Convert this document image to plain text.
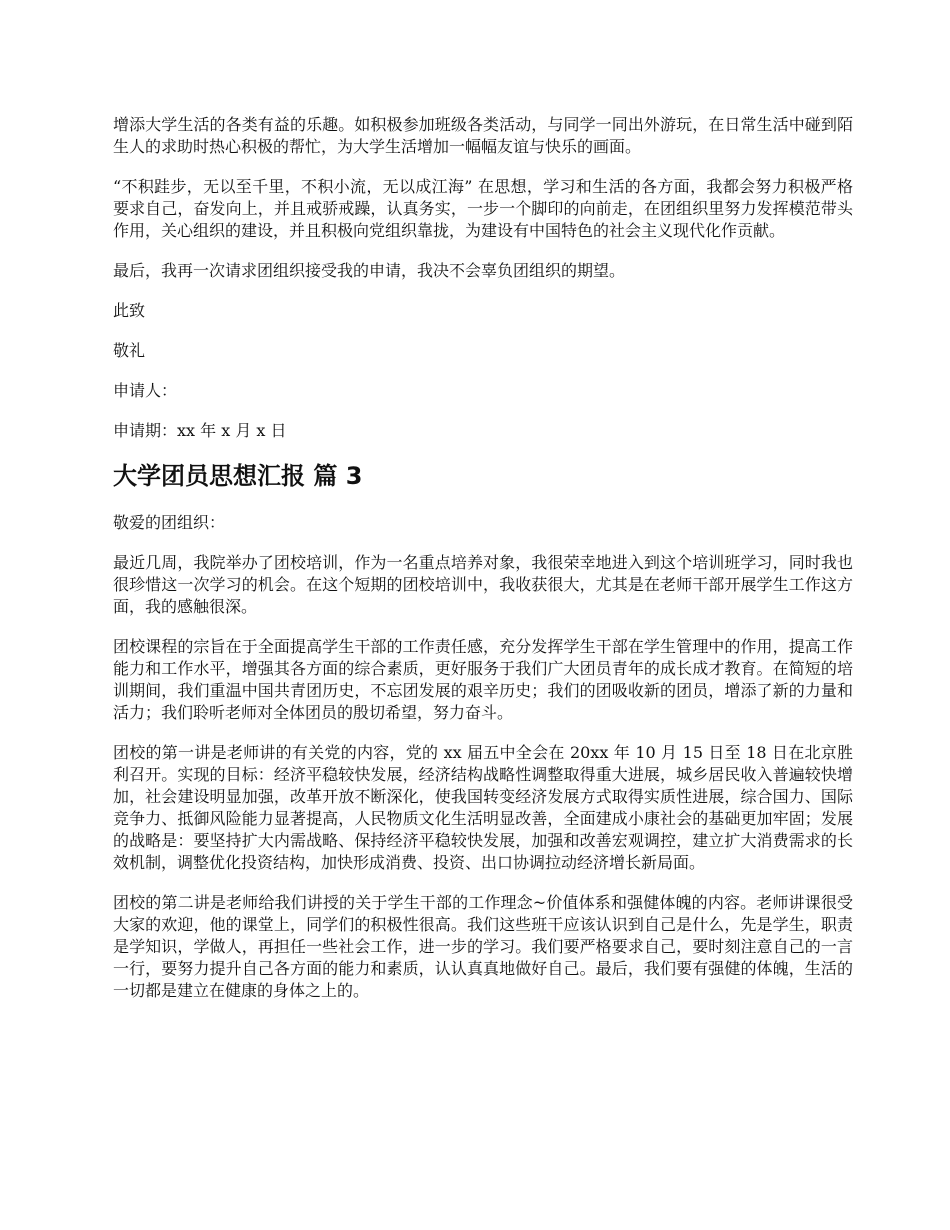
增添大学生活的各类有益的乐趣。如积极参加班级各类活动，与同学一同出外游玩，在日常生活中碰到陌生人的求助时热心积极的帮忙，为大学生活增加一幅幅友谊与快乐的画面。

“不积跬步，无以至千里，不积小流，无以成江海” 在思想，学习和生活的各方面，我都会努力积极严格要求自己，奋发向上，并且戒骄戒躁，认真务实，一步一个脚印的向前走，在团组织里努力发挥模范带头作用，关心组织的建设，并且积极向党组织靠拢，为建设有中国特色的社会主义现代化作贡献。

最后，我再一次请求团组织接受我的申请，我决不会辜负团组织的期望。

此致

敬礼

申请人：

申请期：xx 年 x 月 x 日

大学团员思想汇报 篇 3

敬爱的团组织：

最近几周，我院举办了团校培训，作为一名重点培养对象，我很荣幸地进入到这个培训班学习，同时我也很珍惜这一次学习的机会。在这个短期的团校培训中，我收获很大，尤其是在老师干部开展学生工作这方面，我的感触很深。

团校课程的宗旨在于全面提高学生干部的工作责任感，充分发挥学生干部在学生管理中的作用，提高工作能力和工作水平，增强其各方面的综合素质，更好服务于我们广大团员青年的成长成才教育。在简短的培训期间，我们重温中国共青团历史，不忘团发展的艰辛历史；我们的团吸收新的团员，增添了新的力量和活力；我们聆听老师对全体团员的殷切希望，努力奋斗。

团校的第一讲是老师讲的有关党的内容，党的 xx 届五中全会在 20xx 年 10 月 15 日至 18 日在北京胜利召开。实现的目标：经济平稳较快发展，经济结构战略性调整取得重大进展，城乡居民收入普遍较快增加，社会建设明显加强，改革开放不断深化，使我国转变经济发展方式取得实质性进展，综合国力、国际竞争力、抵御风险能力显著提高，人民物质文化生活明显改善，全面建成小康社会的基础更加牢固；发展的战略是：要坚持扩大内需战略、保持经济平稳较快发展，加强和改善宏观调控，建立扩大消费需求的长效机制，调整优化投资结构，加快形成消费、投资、出口协调拉动经济增长新局面。

团校的第二讲是老师给我们讲授的关于学生干部的工作理念~价值体系和强健体魄的内容。老师讲课很受大家的欢迎，他的课堂上，同学们的积极性很高。我们这些班干应该认识到自己是什么，先是学生，职责是学知识，学做人，再担任一些社会工作，进一步的学习。我们要严格要求自己，要时刻注意自己的一言一行，要努力提升自己各方面的能力和素质，认认真真地做好自己。最后，我们要有强健的体魄，生活的一切都是建立在健康的身体之上的。
